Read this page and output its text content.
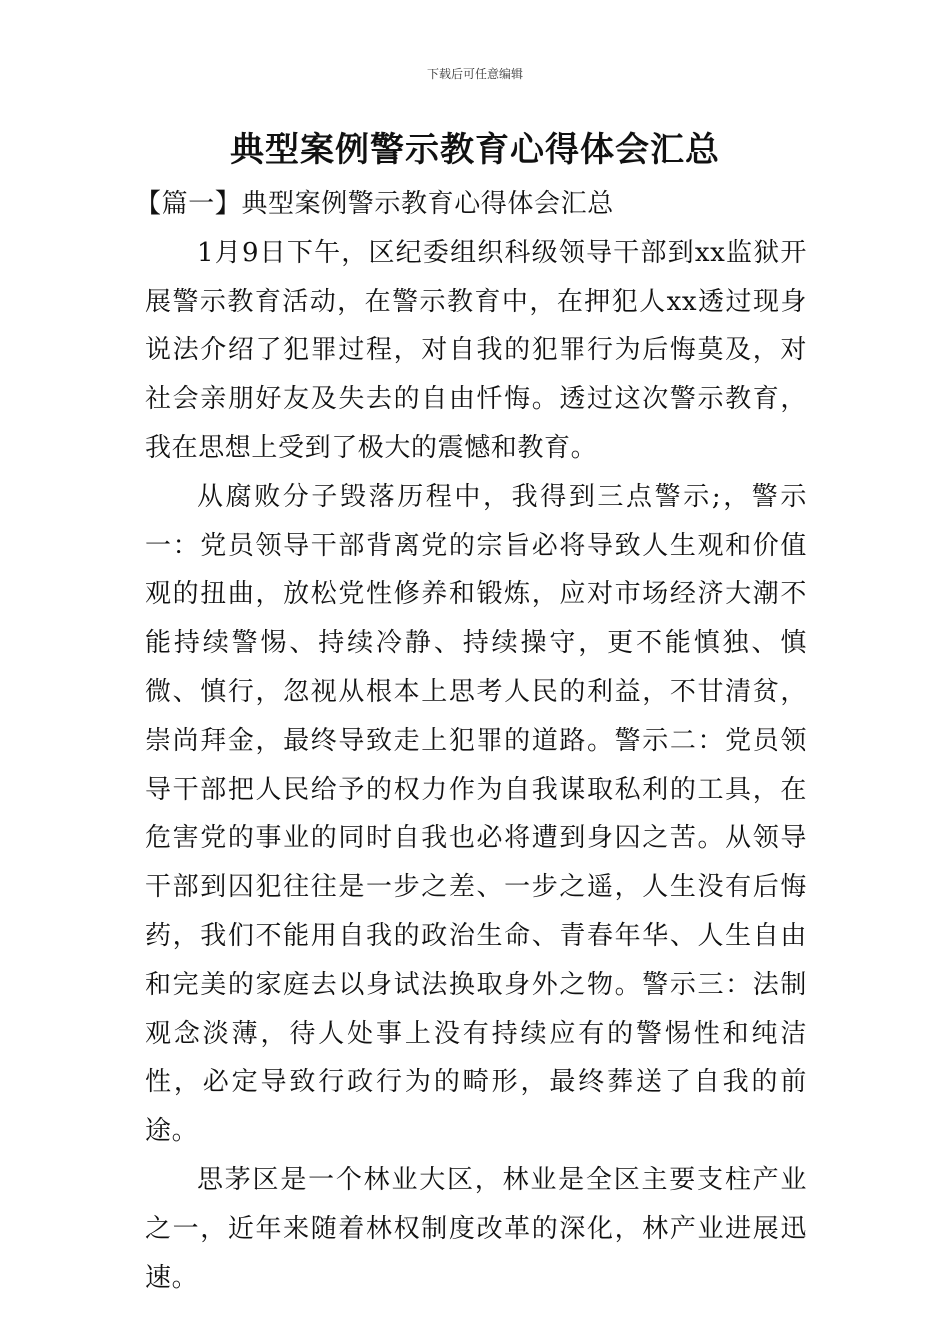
下载后可任意编辑
典型案例警示教育心得体会汇总

【篇一】典型案例警示教育心得体会汇总

1月9日下午，区纪委组织科级领导干部到xx监狱开展警示教育活动，在警示教育中，在押犯人xx透过现身说法介绍了犯罪过程，对自我的犯罪行为后悔莫及，对社会亲朋好友及失去的自由忏悔。透过这次警示教育，我在思想上受到了极大的震憾和教育。

从腐败分子毁落历程中，我得到三点警示;，警示一：党员领导干部背离党的宗旨必将导致人生观和价值观的扭曲，放松党性修养和锻炼，应对市场经济大潮不能持续警惕、持续冷静、持续操守，更不能慎独、慎微、慎行，忽视从根本上思考人民的利益，不甘清贫，崇尚拜金，最终导致走上犯罪的道路。警示二：党员领导干部把人民给予的权力作为自我谋取私利的工具，在危害党的事业的同时自我也必将遭到身囚之苦。从领导干部到囚犯往往是一步之差、一步之遥，人生没有后悔药，我们不能用自我的政治生命、青春年华、人生自由和完美的家庭去以身试法换取身外之物。警示三：法制观念淡薄，待人处事上没有持续应有的警惕性和纯洁性，必定导致行政行为的畸形，最终葬送了自我的前途。

思茅区是一个林业大区，林业是全区主要支柱产业之一，近年来随着林权制度改革的深化，林产业进展迅速。
